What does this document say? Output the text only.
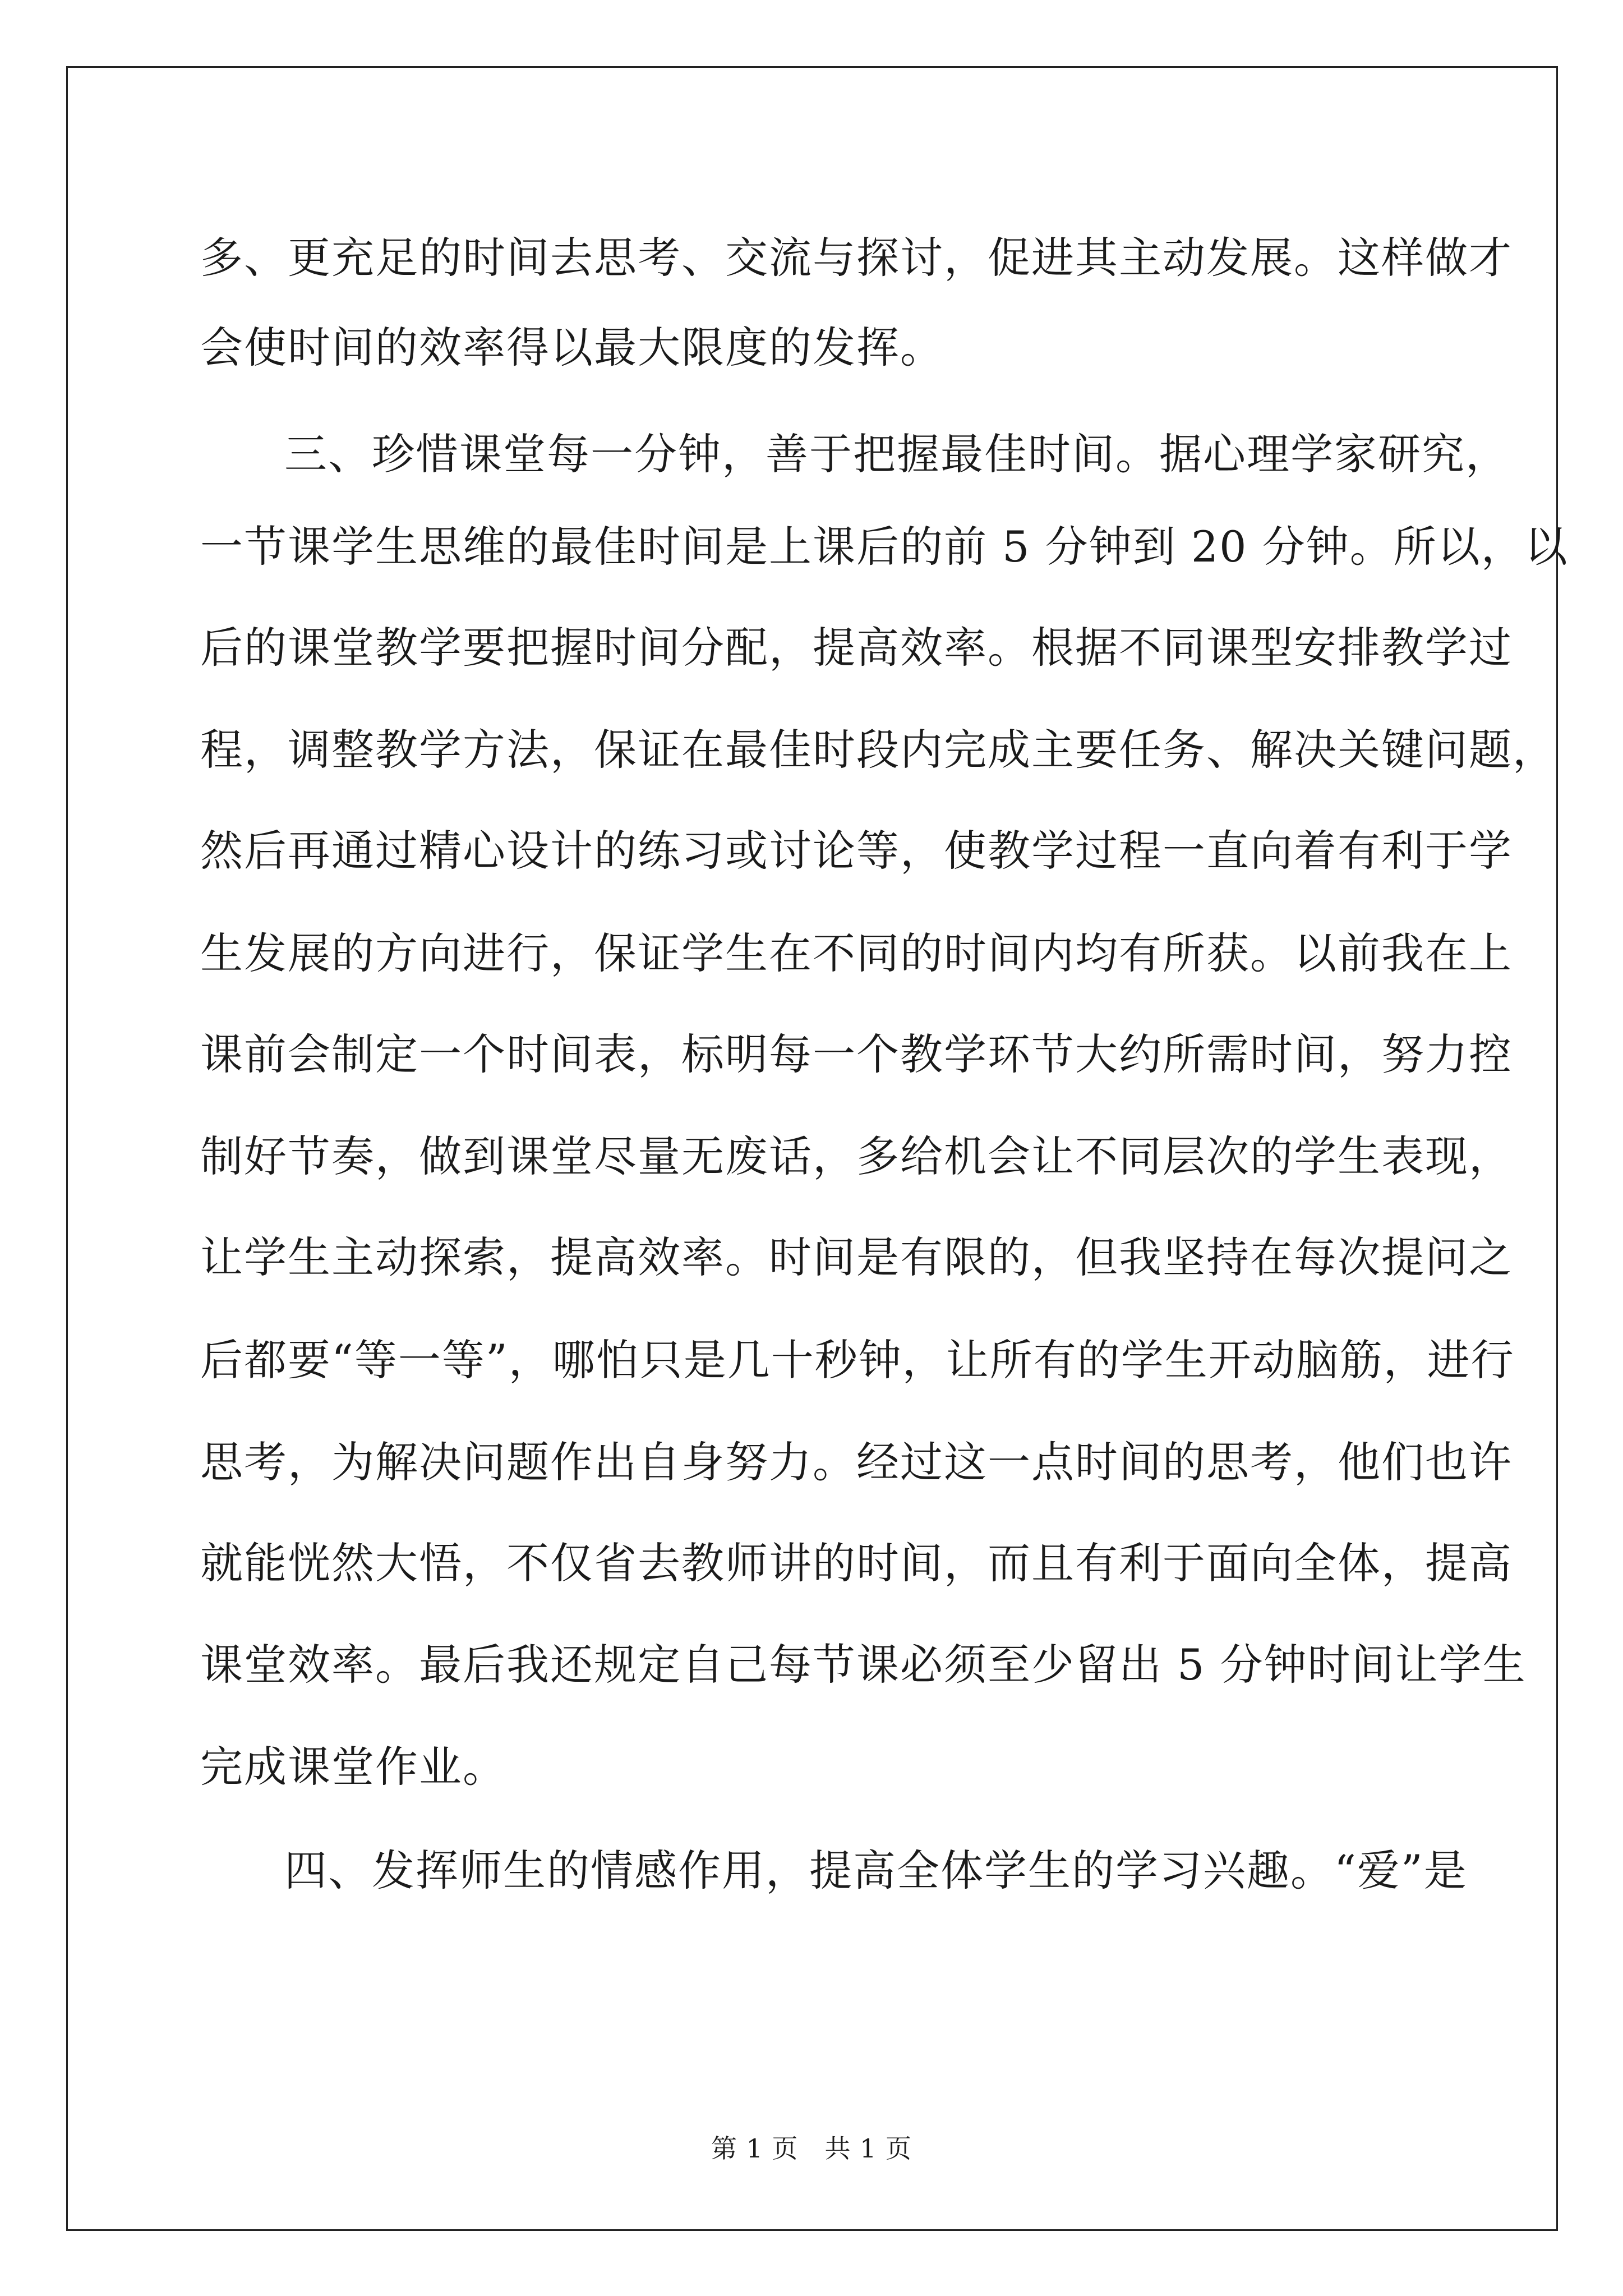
多、更充足的时间去思考、交流与探讨，促进其主动发展。这样做才
会使时间的效率得以最大限度的发挥。
三、珍惜课堂每一分钟，善于把握最佳时间。据心理学家研究，
一节课学生思维的最佳时间是上课后的前 5 分钟到 20 分钟。所以，以
后的课堂教学要把握时间分配，提高效率。根据不同课型安排教学过
程，调整教学方法，保证在最佳时段内完成主要任务、解决关键问题，
然后再通过精心设计的练习或讨论等，使教学过程一直向着有利于学
生发展的方向进行，保证学生在不同的时间内均有所获。以前我在上
课前会制定一个时间表，标明每一个教学环节大约所需时间，努力控
制好节奏，做到课堂尽量无废话，多给机会让不同层次的学生表现，
让学生主动探索，提高效率。时间是有限的，但我坚持在每次提问之
后都要“等一等”，哪怕只是几十秒钟，让所有的学生开动脑筋，进行
思考，为解决问题作出自身努力。经过这一点时间的思考，他们也许
就能恍然大悟，不仅省去教师讲的时间，而且有利于面向全体，提高
课堂效率。最后我还规定自己每节课必须至少留出 5 分钟时间让学生
完成课堂作业。
四、发挥师生的情感作用，提高全体学生的学习兴趣。“爱”是
第 1 页　共 1 页
